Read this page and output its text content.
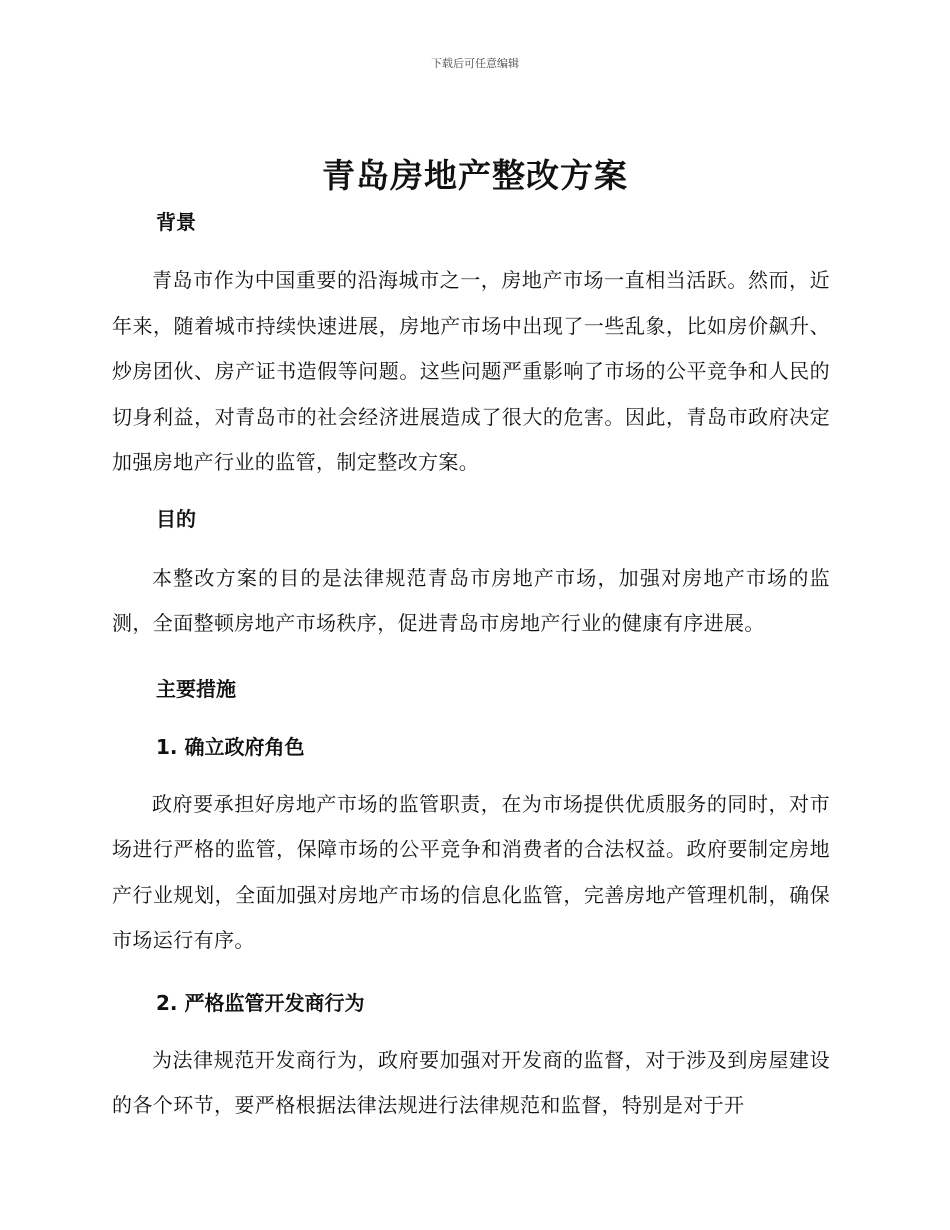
下载后可任意编辑
青岛房地产整改方案
背景

青岛市作为中国重要的沿海城市之一，房地产市场一直相当活跃。然而，近年来，随着城市持续快速进展，房地产市场中出现了一些乱象，比如房价飙升、炒房团伙、房产证书造假等问题。这些问题严重影响了市场的公平竞争和人民的切身利益，对青岛市的社会经济进展造成了很大的危害。因此，青岛市政府决定加强房地产行业的监管，制定整改方案。

目的

本整改方案的目的是法律规范青岛市房地产市场，加强对房地产市场的监测，全面整顿房地产市场秩序，促进青岛市房地产行业的健康有序进展。

主要措施
1. 确立政府角色

政府要承担好房地产市场的监管职责，在为市场提供优质服务的同时，对市场进行严格的监管，保障市场的公平竞争和消费者的合法权益。政府要制定房地产行业规划，全面加强对房地产市场的信息化监管，完善房地产管理机制，确保市场运行有序。

2. 严格监管开发商行为

为法律规范开发商行为，政府要加强对开发商的监督，对于涉及到房屋建设的各个环节，要严格根据法律法规进行法律规范和监督，特别是对于开
